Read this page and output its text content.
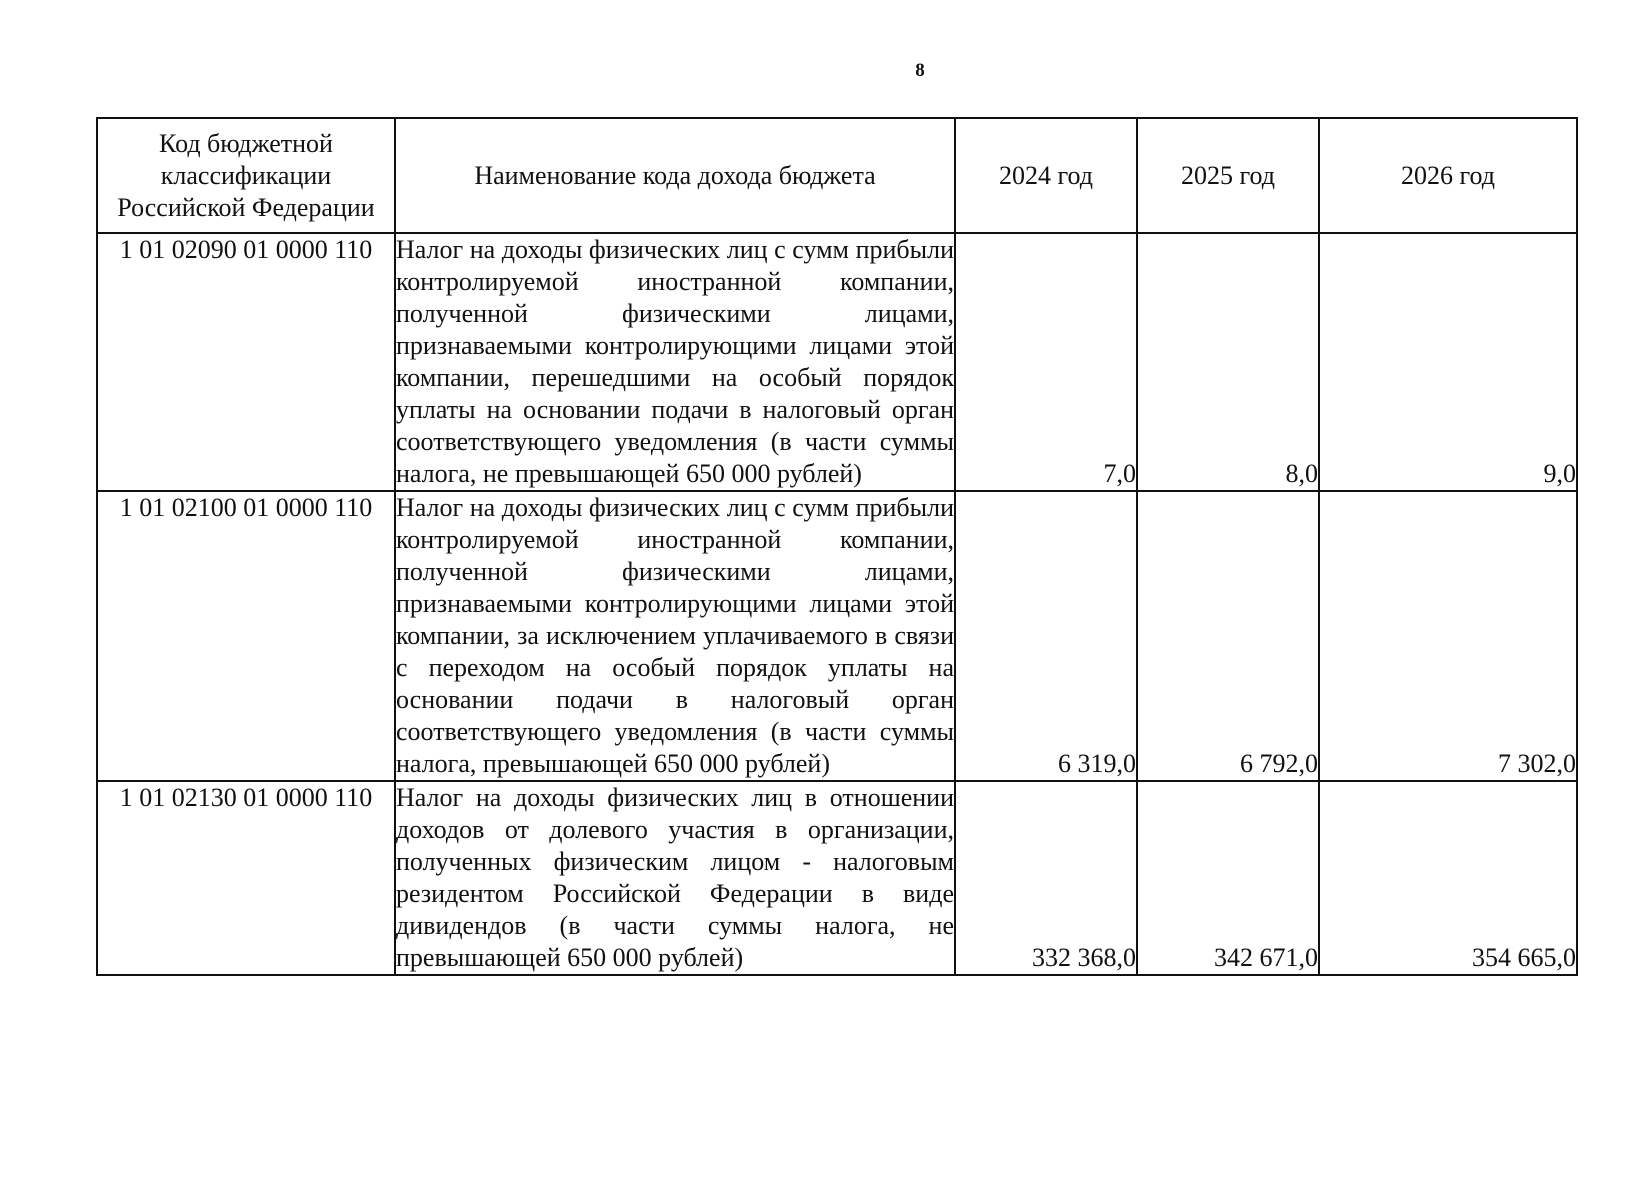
8
Код бюджетной классификации Российской Федерации	Наименование кода дохода бюджета	2024 год	2025 год	2026 год
1 01 02090 01 0000 110	Налог на доходы физических лиц с сумм прибыли контролируемой иностранной компании, полученной физическими лицами, признаваемыми контролирующими лицами этой компании, перешедшими на особый порядок уплаты на основании подачи в налоговый орган соответствующего уведомления (в части суммы налога, не превышающей 650 000 рублей)	7,0	8,0	9,0
1 01 02100 01 0000 110	Налог на доходы физических лиц с сумм прибыли контролируемой иностранной компании, полученной физическими лицами, признаваемыми контролирующими лицами этой компании, за исключением уплачиваемого в связи с переходом на особый порядок уплаты на основании подачи в налоговый орган соответствующего уведомления (в части суммы налога, превышающей 650 000 рублей)	6 319,0	6 792,0	7 302,0
1 01 02130 01 0000 110	Налог на доходы физических лиц в отношении доходов от долевого участия в организации, полученных физическим лицом - налоговым резидентом Российской Федерации в виде дивидендов (в части суммы налога, не превышающей 650 000 рублей)	332 368,0	342 671,0	354 665,0
